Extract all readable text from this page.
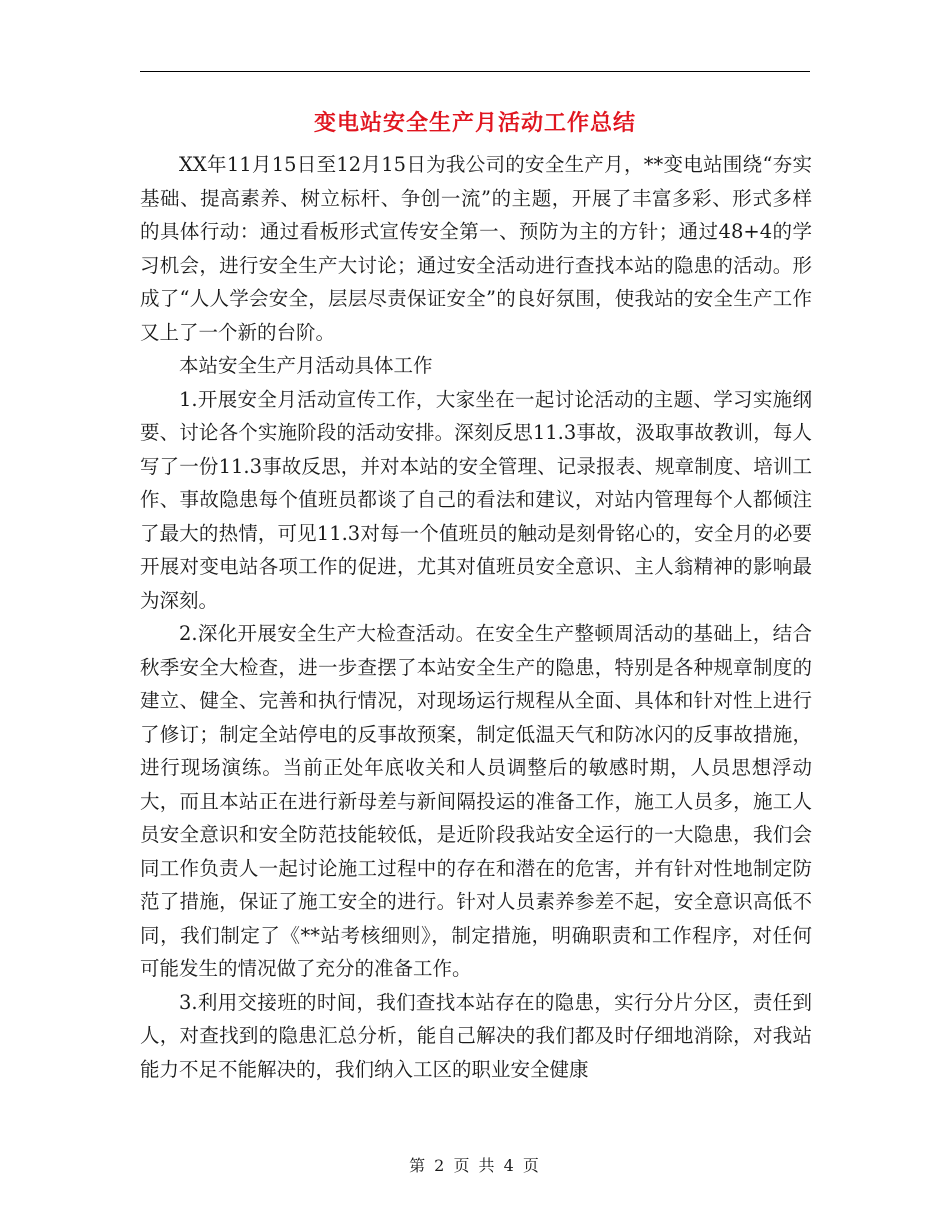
变电站安全生产月活动工作总结

XX年11月15日至12月15日为我公司的安全生产月，**变电站围绕“夯实基础、提高素养、树立标杆、争创一流”的主题，开展了丰富多彩、形式多样的具体行动：通过看板形式宣传安全第一、预防为主的方针；通过48+4的学习机会，进行安全生产大讨论；通过安全活动进行查找本站的隐患的活动。形成了“人人学会安全，层层尽责保证安全”的良好氛围，使我站的安全生产工作又上了一个新的台阶。

本站安全生产月活动具体工作

1.开展安全月活动宣传工作，大家坐在一起讨论活动的主题、学习实施纲要、讨论各个实施阶段的活动安排。深刻反思11.3事故，汲取事故教训，每人写了一份11.3事故反思，并对本站的安全管理、记录报表、规章制度、培训工作、事故隐患每个值班员都谈了自己的看法和建议，对站内管理每个人都倾注了最大的热情，可见11.3对每一个值班员的触动是刻骨铭心的，安全月的必要开展对变电站各项工作的促进，尤其对值班员安全意识、主人翁精神的影响最为深刻。

2.深化开展安全生产大检查活动。在安全生产整顿周活动的基础上，结合秋季安全大检查，进一步查摆了本站安全生产的隐患，特别是各种规章制度的建立、健全、完善和执行情况，对现场运行规程从全面、具体和针对性上进行了修订；制定全站停电的反事故预案，制定低温天气和防冰闪的反事故措施，进行现场演练。当前正处年底收关和人员调整后的敏感时期，人员思想浮动大，而且本站正在进行新母差与新间隔投运的准备工作，施工人员多，施工人员安全意识和安全防范技能较低，是近阶段我站安全运行的一大隐患，我们会同工作负责人一起讨论施工过程中的存在和潜在的危害，并有针对性地制定防范了措施，保证了施工安全的进行。针对人员素养参差不起，安全意识高低不同，我们制定了《**站考核细则》，制定措施，明确职责和工作程序，对任何可能发生的情况做了充分的准备工作。

3.利用交接班的时间，我们查找本站存在的隐患，实行分片分区，责任到人，对查找到的隐患汇总分析，能自己解决的我们都及时仔细地消除，对我站能力不足不能解决的，我们纳入工区的职业安全健康

第 2 页 共 4 页
